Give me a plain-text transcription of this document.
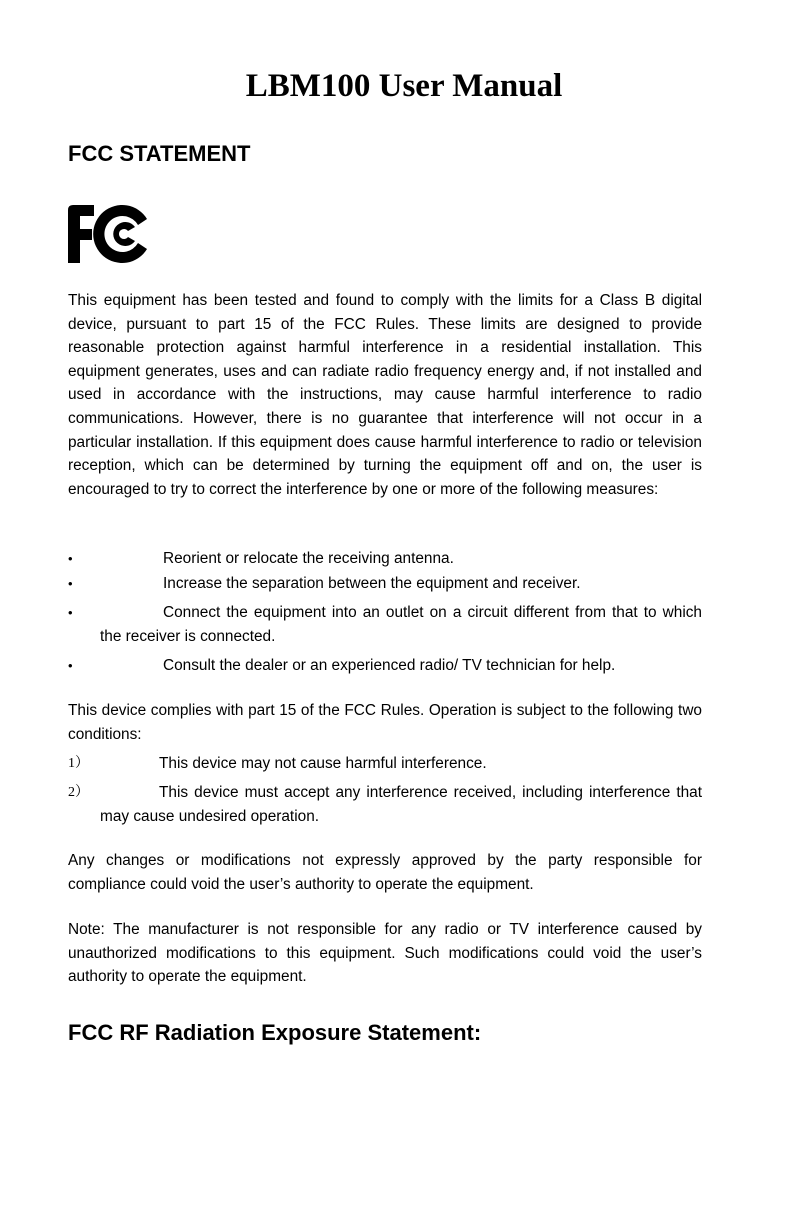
LBM100 User Manual
FCC STATEMENT

This equipment has been tested and found to comply with the limits for a Class B digital device, pursuant to part 15 of the FCC Rules. These limits are designed to provide reasonable protection against harmful interference in a residential installation. This equipment generates, uses and can radiate radio frequency energy and, if not installed and used in accordance with the instructions, may cause harmful interference to radio communications. However, there is no guarantee that interference will not occur in a particular installation. If this equipment does cause harmful interference to radio or television reception, which can be determined by turning the equipment off and on, the user is encouraged to try to correct the interference by one or more of the following measures:

•	Reorient or relocate the receiving antenna.
•	Increase the separation between the equipment and receiver.
•	Connect the equipment into an outlet on a circuit different from that to which the receiver is connected.
•	Consult the dealer or an experienced radio/ TV technician for help.

This device complies with part 15 of the FCC Rules. Operation is subject to the following two conditions:

1）	This device may not cause harmful interference.
2）	This device must accept any interference received, including interference that may cause undesired operation.

Any changes or modifications not expressly approved by the party responsible for compliance could void the user’s authority to operate the equipment.

Note: The manufacturer is not responsible for any radio or TV interference caused by unauthorized modifications to this equipment. Such modifications could void the user’s authority to operate the equipment.

FCC RF Radiation Exposure Statement:
